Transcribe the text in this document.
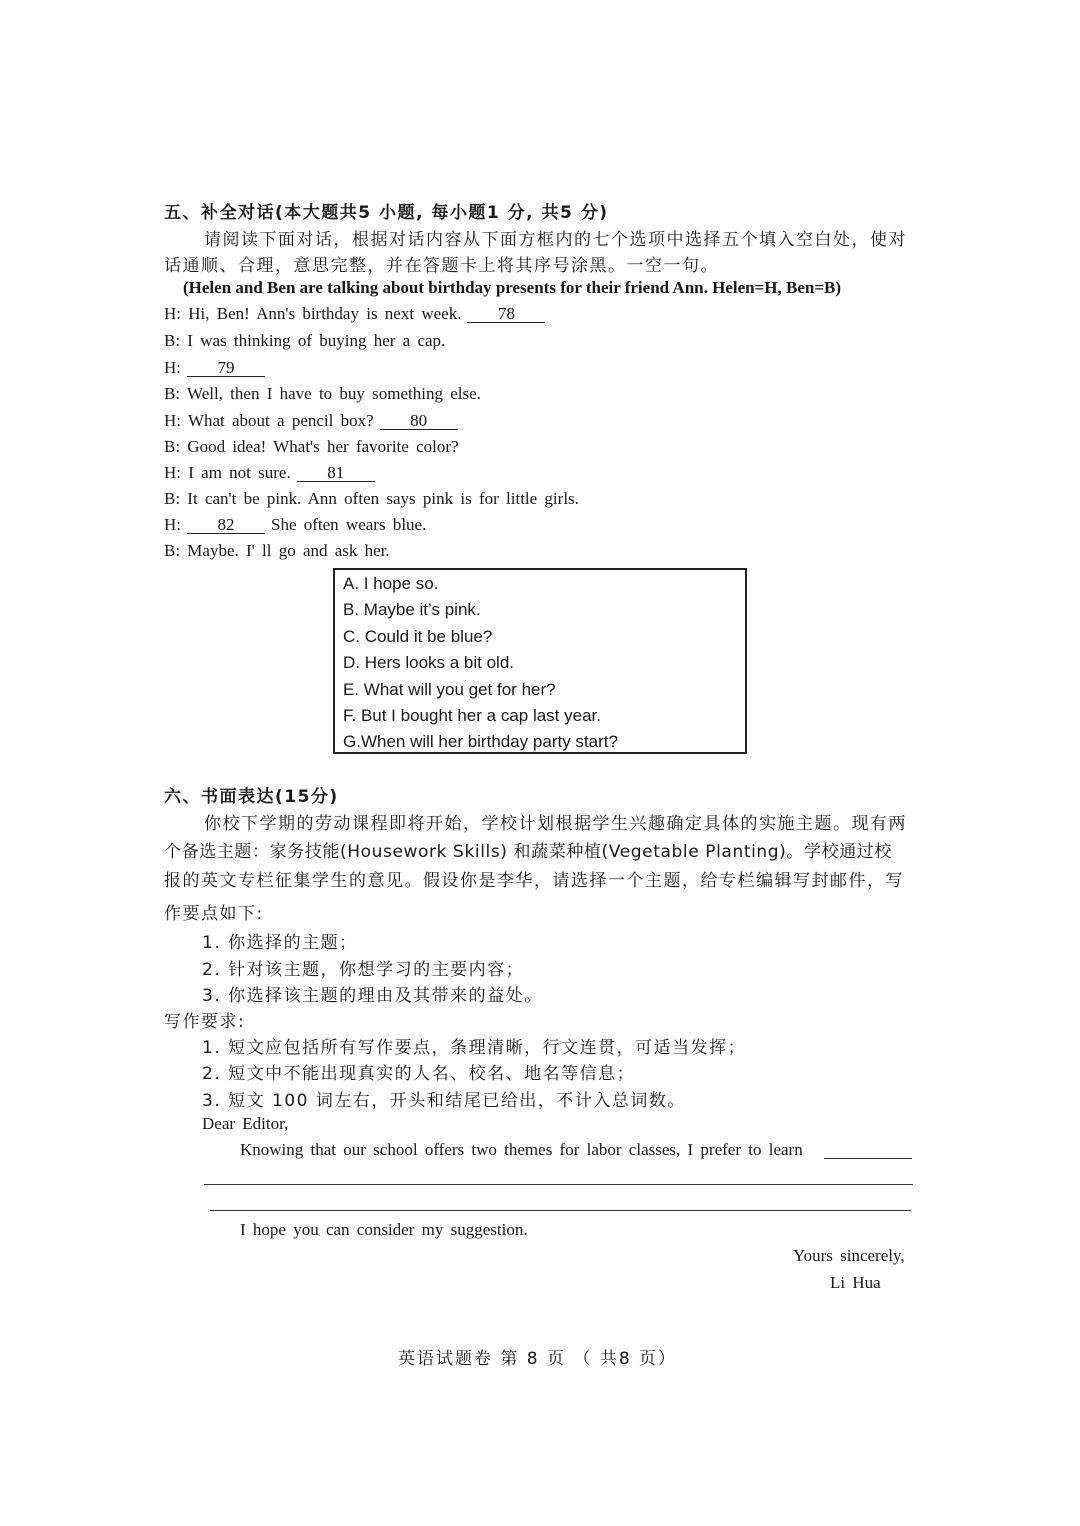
五、补全对话(本大题共5 小题, 每小题1 分, 共5 分)
请阅读下面对话，根据对话内容从下面方框内的七个选项中选择五个填入空白处，使对
话通顺、合理，意思完整，并在答题卡上将其序号涂黑。一空一句。
(Helen and Ben are talking about birthday presents for their friend Ann. Helen=H, Ben=B)
H: Hi, Ben! Ann's birthday is next week. 78
B: I was thinking of buying her a cap.
H: 79
B: Well, then I have to buy something else.
H: What about a pencil box? 80
B: Good idea! What's her favorite color?
H: I am not sure. 81
B: It can't be pink. Ann often says pink is for little girls.
H: 82 She often wears blue.
B: Maybe. I' ll go and ask her.
A. I hope so.
B. Maybe it’s pink.
C. Could it be blue?
D. Hers looks a bit old.
E. What will you get for her?
F. But I bought her a cap last year.
G.When will her birthday party start?
六、书面表达(15分)
你校下学期的劳动课程即将开始，学校计划根据学生兴趣确定具体的实施主题。现有两
个备选主题：家务技能(Housework Skills) 和蔬菜种植(Vegetable Planting)。学校通过校
报的英文专栏征集学生的意见。假设你是李华，请选择一个主题，给专栏编辑写封邮件，写
作要点如下:
1. 你选择的主题；
2. 针对该主题，你想学习的主要内容；
3. 你选择该主题的理由及其带来的益处。
写作要求:
1. 短文应包括所有写作要点，条理清晰，行文连贯，可适当发挥；
2. 短文中不能出现真实的人名、校名、地名等信息；
3. 短文 100 词左右，开头和结尾已给出，不计入总词数。
Dear Editor,
Knowing that our school offers two themes for labor classes, I prefer to learn
I hope you can consider my suggestion.
Yours sincerely,
Li Hua
英语试题卷 第 8 页 （ 共8 页）
